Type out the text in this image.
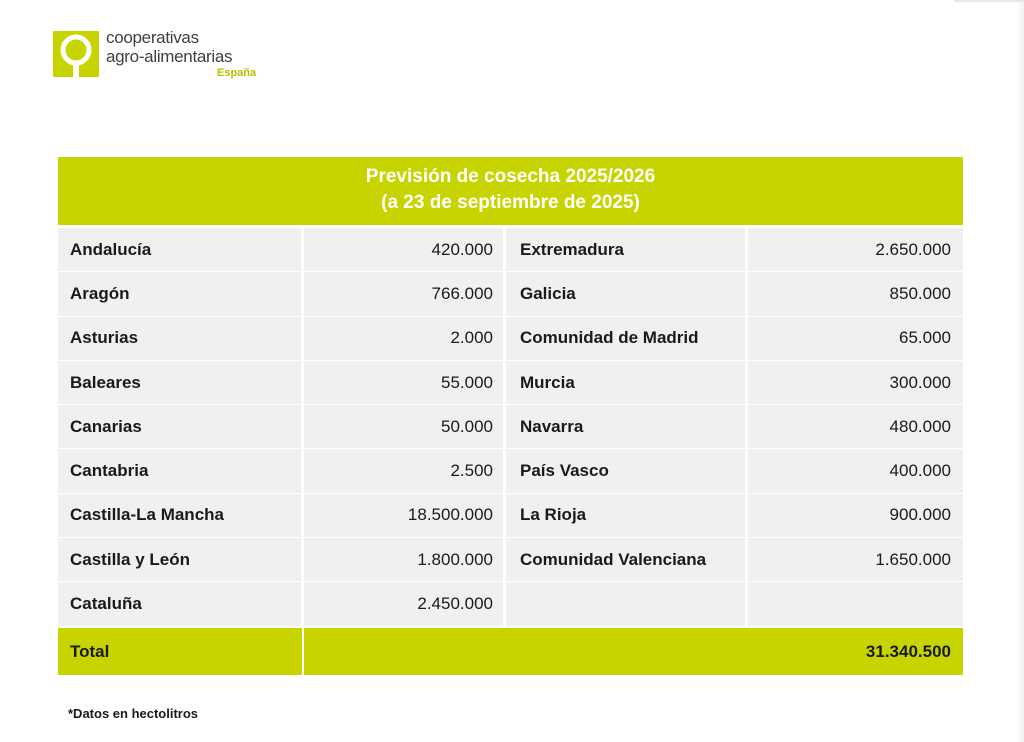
cooperativas
agro-alimentarias
España
Previsión de cosecha 2025/2026
(a 23 de septiembre de 2025)
Andalucía	420.000	Extremadura	2.650.000
Aragón	766.000	Galicia	850.000
Asturias	2.000	Comunidad de Madrid	65.000
Baleares	55.000	Murcia	300.000
Canarias	50.000	Navarra	480.000
Cantabria	2.500	País Vasco	400.000
Castilla-La Mancha	18.500.000	La Rioja	900.000
Castilla y León	1.800.000	Comunidad Valenciana	1.650.000
Cataluña	2.450.000
Total	31.340.500
*Datos en hectolitros
